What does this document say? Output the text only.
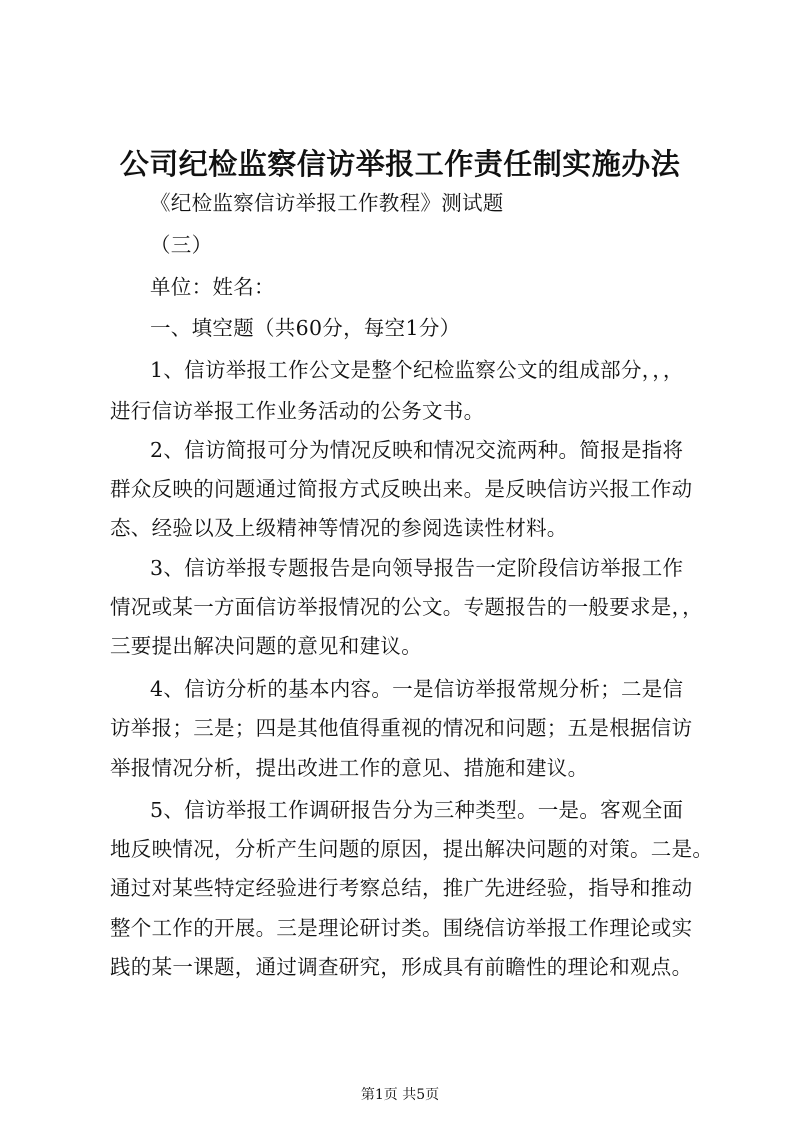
公司纪检监察信访举报工作责任制实施办法
《纪检监察信访举报工作教程》测试题
（三）
单位：姓名：
一、填空题（共60分，每空1分）
1、信访举报工作公文是整个纪检监察公文的组成部分，，，
进行信访举报工作业务活动的公务文书。
2、信访简报可分为情况反映和情况交流两种。简报是指将
群众反映的问题通过简报方式反映出来。是反映信访兴报工作动
态、经验以及上级精神等情况的参阅选读性材料。
3、信访举报专题报告是向领导报告一定阶段信访举报工作
情况或某一方面信访举报情况的公文。专题报告的一般要求是，，
三要提出解决问题的意见和建议。
4、信访分析的基本内容。一是信访举报常规分析；二是信
访举报；三是；四是其他值得重视的情况和问题；五是根据信访
举报情况分析，提出改进工作的意见、措施和建议。
5、信访举报工作调研报告分为三种类型。一是。客观全面
地反映情况，分析产生问题的原因，提出解决问题的对策。二是。
通过对某些特定经验进行考察总结，推广先进经验，指导和推动
整个工作的开展。三是理论研讨类。围绕信访举报工作理论或实
践的某一课题，通过调查研究，形成具有前瞻性的理论和观点。
第1页 共5页
